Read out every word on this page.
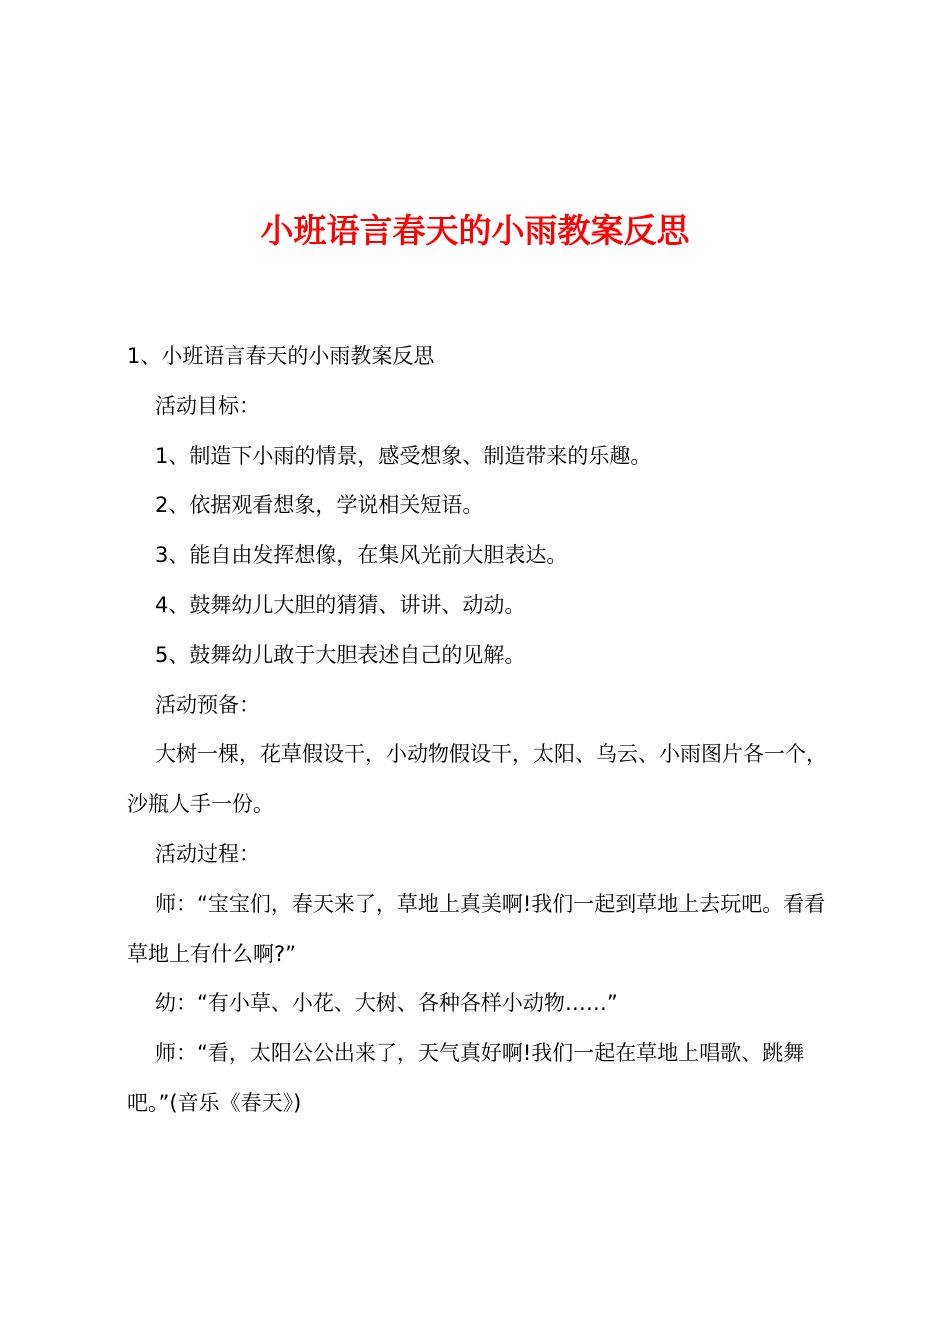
小班语言春天的小雨教案反思

1、小班语言春天的小雨教案反思

活动目标：

1、制造下小雨的情景，感受想象、制造带来的乐趣。

2、依据观看想象，学说相关短语。

3、能自由发挥想像，在集风光前大胆表达。

4、鼓舞幼儿大胆的猜猜、讲讲、动动。

5、鼓舞幼儿敢于大胆表述自己的见解。

活动预备：

大树一棵，花草假设干，小动物假设干，太阳、乌云、小雨图片各一个，沙瓶人手一份。

活动过程：

师：“宝宝们，春天来了，草地上真美啊!我们一起到草地上去玩吧。看看草地上有什么啊?”

幼：“有小草、小花、大树、各种各样小动物……”

师：“看，太阳公公出来了，天气真好啊!我们一起在草地上唱歌、跳舞吧。”(音乐《春天》)
